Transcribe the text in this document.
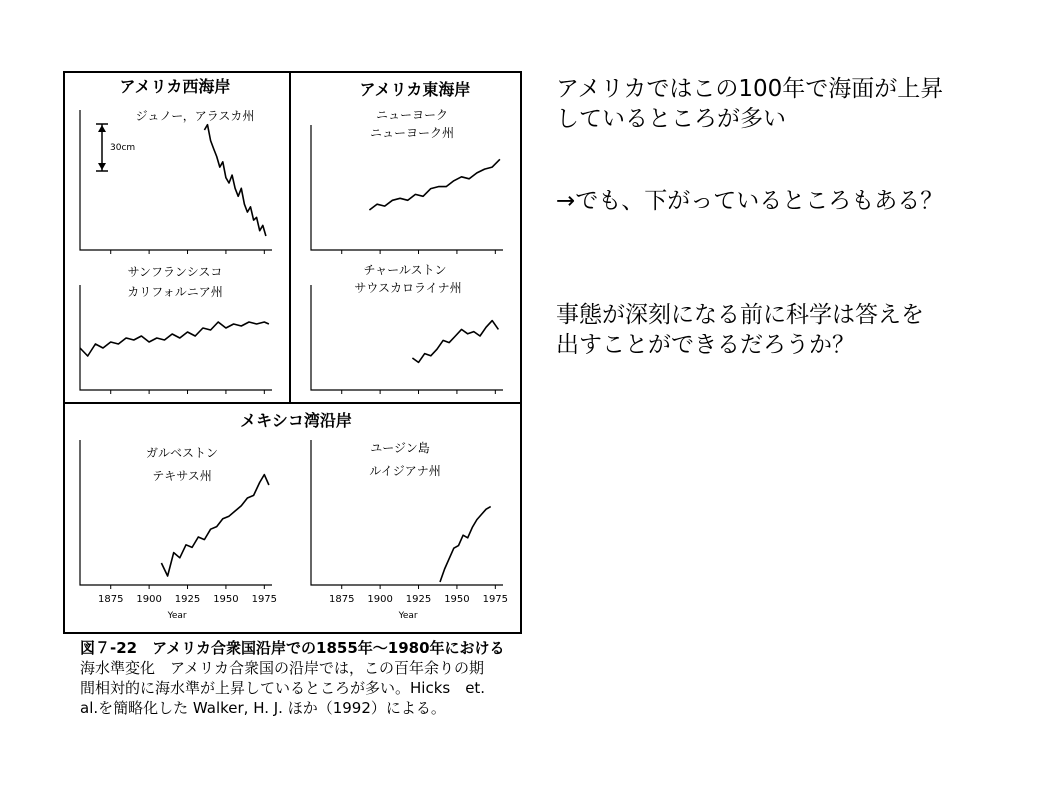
アメリカ西海岸	アメリカ東海岸
メキシコ湾沿岸
ジュノー，アラスカ州	ニューヨーク
ニューヨーク州
サンフランシスコ
カリフォルニア州
チャールストン
サウスカロライナ州
ガルベストン
テキサス州
ユージン島
ルイジアナ州
30cm
1875 1900 1925 1950 1975
Year
1875 1900 1925 1950 1975
Year
アメリカではこの100年で海面が上昇
しているところが多い
→でも、下がっているところもある？
事態が深刻になる前に科学は答えを
出すことができるだろうか？
図７-22　アメリカ合衆国沿岸での1855年～1980年における
海水準変化　アメリカ合衆国の沿岸では，この百年余りの期
間相対的に海水準が上昇しているところが多い。Hicks　et.
al.を簡略化した Walker, H. J. ほか（1992）による。
